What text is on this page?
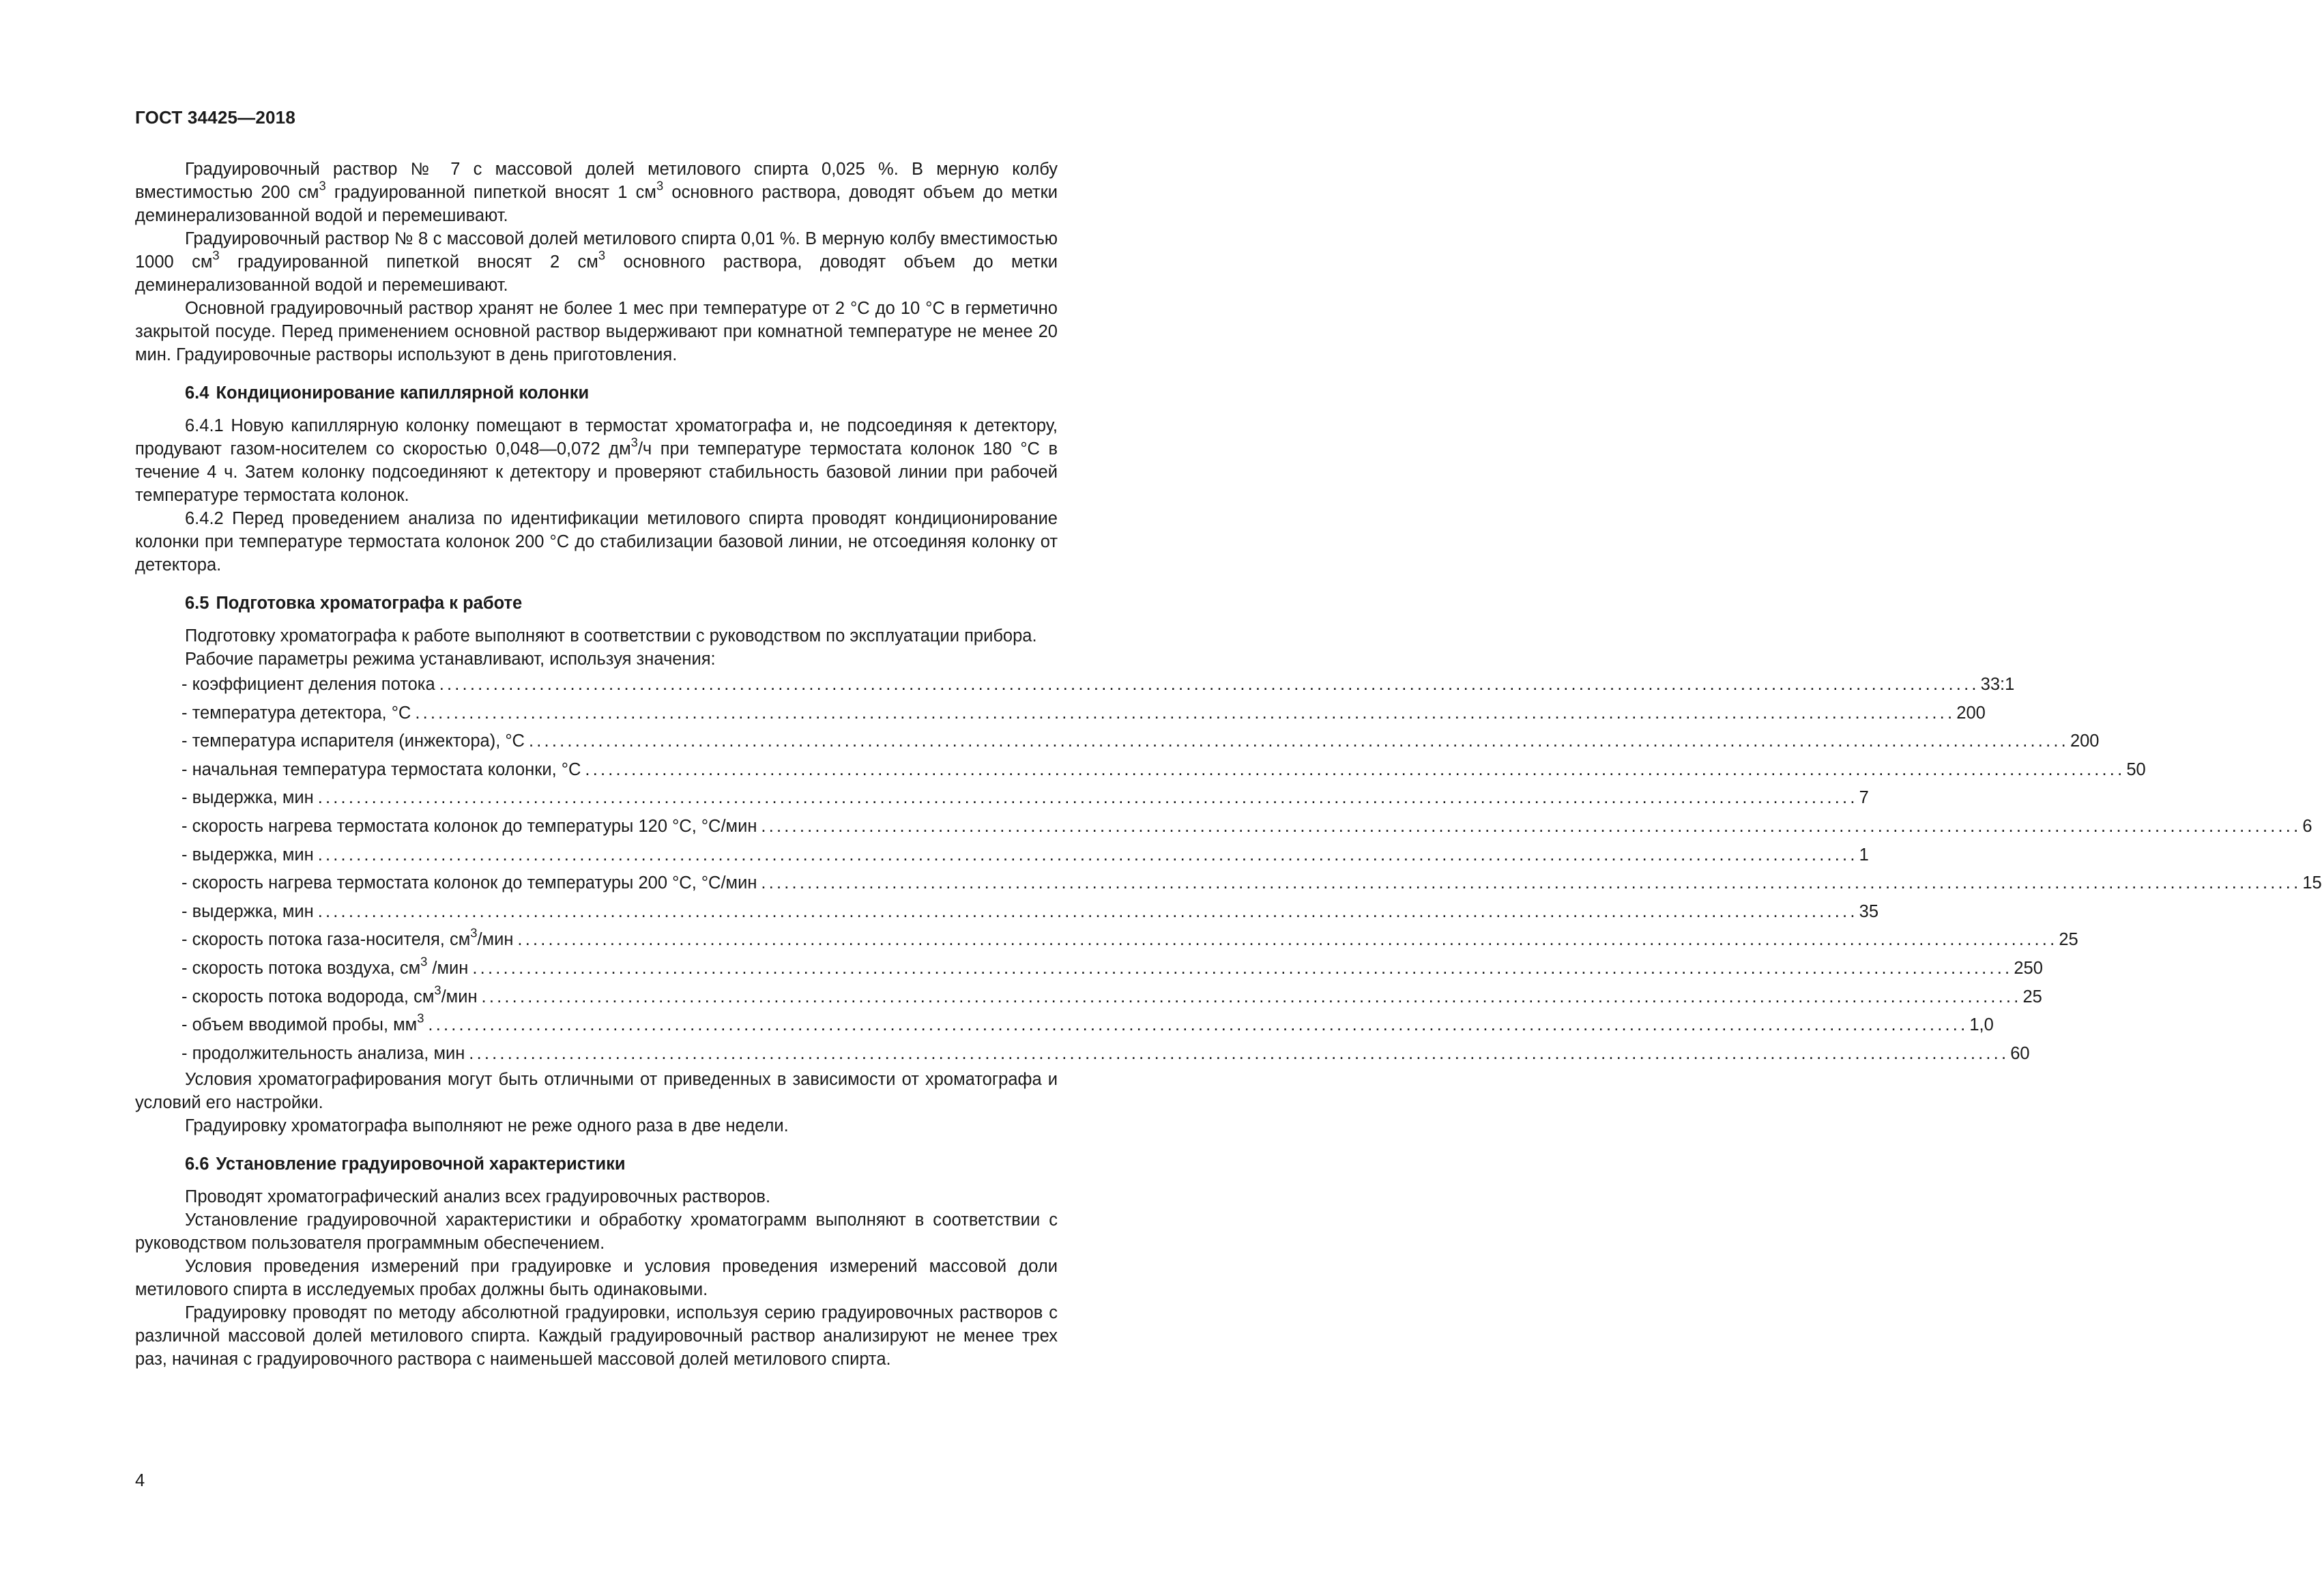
ГОСТ 34425—2018

Градуировочный раствор № 7 с массовой долей метилового спирта 0,025 %. В мерную колбу вместимостью 200 $см^3$ градуированной пипеткой вносят 1 $см^3$ основного раствора, доводят объем до метки деминерализованной водой и перемешивают.

Градуировочный раствор № 8 с массовой долей метилового спирта 0,01 %. В мерную колбу вместимостью 1000 $см^3$ градуированной пипеткой вносят 2 $см^3$ основного раствора, доводят объем до метки деминерализованной водой и перемешивают.

Основной градуировочный раствор хранят не более 1 мес при температуре от 2 °С до 10 °С в герметично закрытой посуде. Перед применением основной раствор выдерживают при комнатной температуре не менее 20 мин. Градуировочные растворы используют в день приготовления.

6.4 Кондиционирование капиллярной колонки

6.4.1 Новую капиллярную колонку помещают в термостат хроматографа и, не подсоединяя к детектору, продувают газом-носителем со скоростью 0,048—0,072 $дм^3/ч$ при температуре термостата колонок 180 °С в течение 4 ч. Затем колонку подсоединяют к детектору и проверяют стабильность базовой линии при рабочей температуре термостата колонок.

6.4.2 Перед проведением анализа по идентификации метилового спирта проводят кондиционирование колонки при температуре термостата колонок 200 °С до стабилизации базовой линии, не отсоединяя колонку от детектора.

6.5 Подготовка хроматографа к работе

Подготовку хроматографа к работе выполняют в соответствии с руководством по эксплуатации прибора.

Рабочие параметры режима устанавливают, используя значения:

- коэффициент деления потока ........................................................................................................................................................................................................ 33:1
- температура детектора, °С ........................................................................................................................................................................................................ 200
- температура испарителя (инжектора), °С ........................................................................................................................................................................................................ 200
- начальная температура термостата колонки, °С ........................................................................................................................................................................................................ 50
- выдержка, мин ........................................................................................................................................................................................................ 7
- скорость нагрева термостата колонок до температуры 120 °С, °С/мин ........................................................................................................................................................................................................ 6
- выдержка, мин ........................................................................................................................................................................................................ 1
- скорость нагрева термостата колонок до температуры 200 °С, °С/мин ........................................................................................................................................................................................................ 15
- выдержка, мин ........................................................................................................................................................................................................ 35
- скорость потока газа-носителя, $см^3$/мин ........................................................................................................................................................................................................ 25
- скорость потока воздуха, $см^3$ /мин ........................................................................................................................................................................................................ 250
- скорость потока водорода, $см^3$/мин ........................................................................................................................................................................................................ 25
- объем вводимой пробы, $мм^3$ ........................................................................................................................................................................................................ 1,0
- продолжительность анализа, мин ........................................................................................................................................................................................................ 60

Условия хроматографирования могут быть отличными от приведенных в зависимости от хроматографа и условий его настройки.

Градуировку хроматографа выполняют не реже одного раза в две недели.

6.6 Установление градуировочной характеристики

Проводят хроматографический анализ всех градуировочных растворов.

Установление градуировочной характеристики и обработку хроматограмм выполняют в соответствии с руководством пользователя программным обеспечением.

Условия проведения измерений при градуировке и условия проведения измерений массовой доли метилового спирта в исследуемых пробах должны быть одинаковыми.

Градуировку проводят по методу абсолютной градуировки, используя серию градуировочных растворов с различной массовой долей метилового спирта. Каждый градуировочный раствор анализируют не менее трех раз, начиная с градуировочного раствора с наименьшей массовой долей метилового спирта.

4
